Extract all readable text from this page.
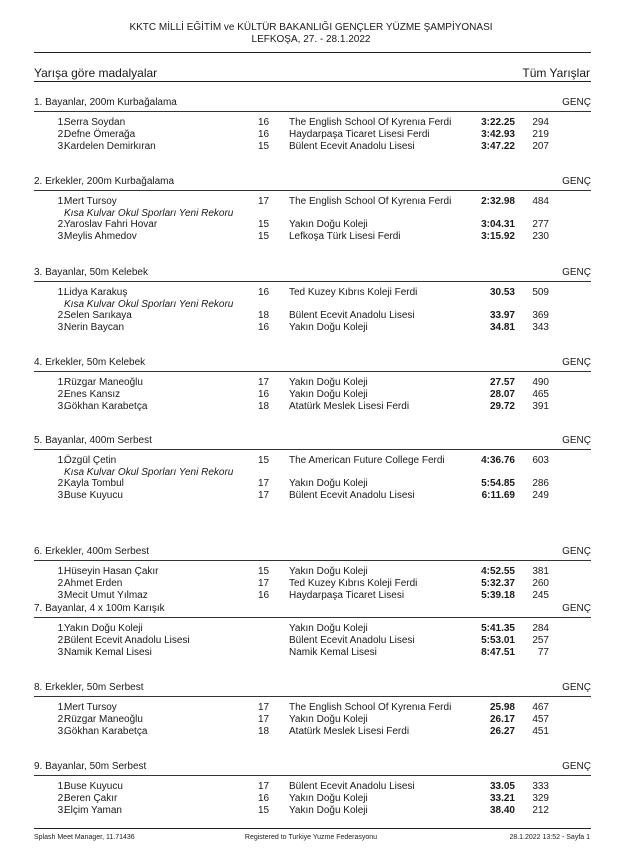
KKTC MİLLİ EĞİTİM ve KÜLTÜR BAKANLIĞI GENÇLER YÜZME ŞAMPİYONASI
LEFKOŞA, 27. - 28.1.2022
Yarışa göre madalyalar	Tüm Yarışlar
1. Bayanlar, 200m Kurbağalama	GENÇ
1.
Serra Soydan	16 The English School Of Kyrenıa Ferdi	3:22.25	294
2.
Defne Ömerağa	16 Haydarpaşa Ticaret Lisesi Ferdi	3:42.93	219
3.
Kardelen Demirkıran	15 Bülent Ecevit Anadolu Lisesi	3:47.22	207
2. Erkekler, 200m Kurbağalama	GENÇ
1.
Mert Tursoy	17 The English School Of Kyrenıa Ferdi	2:32.98	484
Kısa Kulvar Okul Sporları Yeni Rekoru
2.
Yaroslav Fahri Hovar	15 Yakın Doğu Koleji	3:04.31	277
3.
Meylis Ahmedov	15 Lefkoşa Türk Lisesi Ferdi	3:15.92	230
3. Bayanlar, 50m Kelebek	GENÇ
1.
Lidya Karakuş	16 Ted Kuzey Kıbrıs Koleji Ferdi	30.53	509
Kısa Kulvar Okul Sporları Yeni Rekoru
2.
Selen Sarıkaya	18 Bülent Ecevit Anadolu Lisesi	33.97	369
3.
Nerin Baycan	16 Yakın Doğu Koleji	34.81	343
4. Erkekler, 50m Kelebek	GENÇ
1.
Rüzgar Maneoğlu	17 Yakın Doğu Koleji	27.57	490
2.
Enes Kansız	16 Yakın Doğu Koleji	28.07	465
3.
Gökhan Karabetça	18 Atatürk Meslek Lisesi Ferdi	29.72	391
5. Bayanlar, 400m Serbest	GENÇ
1.
Özgül Çetin	15 The American Future College Ferdi	4:36.76	603
Kısa Kulvar Okul Sporları Yeni Rekoru
2.
Kayla Tombul	17 Yakın Doğu Koleji	5:54.85	286
3.
Buse Kuyucu	17 Bülent Ecevit Anadolu Lisesi	6:11.69	249
6. Erkekler, 400m Serbest	GENÇ
1.
Hüseyin Hasan Çakır	15 Yakın Doğu Koleji	4:52.55	381
2.
Ahmet Erden	17 Ted Kuzey Kıbrıs Koleji Ferdi	5:32.37	260
3.
Mecit Umut Yılmaz	16 Haydarpaşa Ticaret Lisesi	5:39.18	245
7. Bayanlar, 4 x 100m Karışık	GENÇ
1.
Yakın Doğu Koleji	Yakın Doğu Koleji	5:41.35	284
2.
Bülent Ecevit Anadolu Lisesi	Bülent Ecevit Anadolu Lisesi	5:53.01	257
3.
Namik Kemal Lisesi	Namik Kemal Lisesi	8:47.51	77
8. Erkekler, 50m Serbest	GENÇ
1.
Mert Tursoy	17 The English School Of Kyrenıa Ferdi	25.98	467
2.
Rüzgar Maneoğlu	17 Yakın Doğu Koleji	26.17	457
3.
Gökhan Karabetça	18 Atatürk Meslek Lisesi Ferdi	26.27	451
9. Bayanlar, 50m Serbest	GENÇ
1.
Buse Kuyucu	17 Bülent Ecevit Anadolu Lisesi	33.05	333
2.
Beren Çakır	16 Yakın Doğu Koleji	33.21	329
3.
Elçim Yaman	15 Yakın Doğu Koleji	38.40	212
Splash Meet Manager, 11.71436	Registered to Turkiye Yuzme Federasyonu	28.1.2022 13:52 - Sayfa 1
